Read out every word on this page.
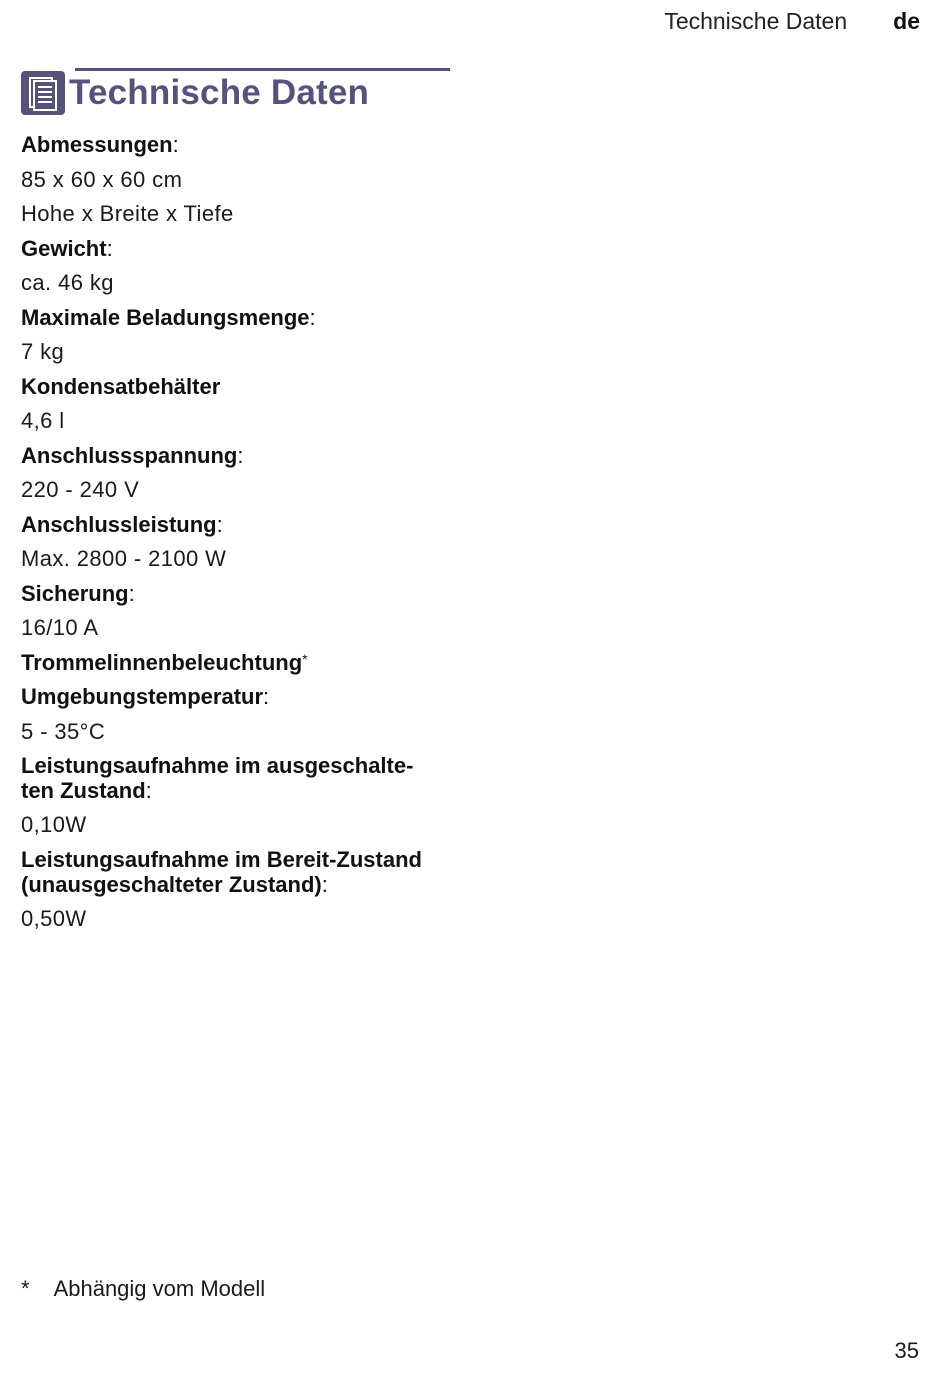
Technische Daten de
Technische Daten
Abmessungen:
85 x 60 x 60 cm
Hohe x Breite x Tiefe
Gewicht:
ca. 46 kg
Maximale Beladungsmenge:
7 kg
Kondensatbehälter
4,6 l
Anschlussspannung:
220 - 240 V
Anschlussleistung:
Max. 2800 - 2100 W
Sicherung:
16/10 A
Trommelinnenbeleuchtung*
Umgebungstemperatur:
5 - 35°C
Leistungsaufnahme im ausgeschalte-
ten Zustand:
0,10W
Leistungsaufnahme im Bereit-Zustand
(unausgeschalteter Zustand):
0,50W
* Abhängig vom Modell
35
